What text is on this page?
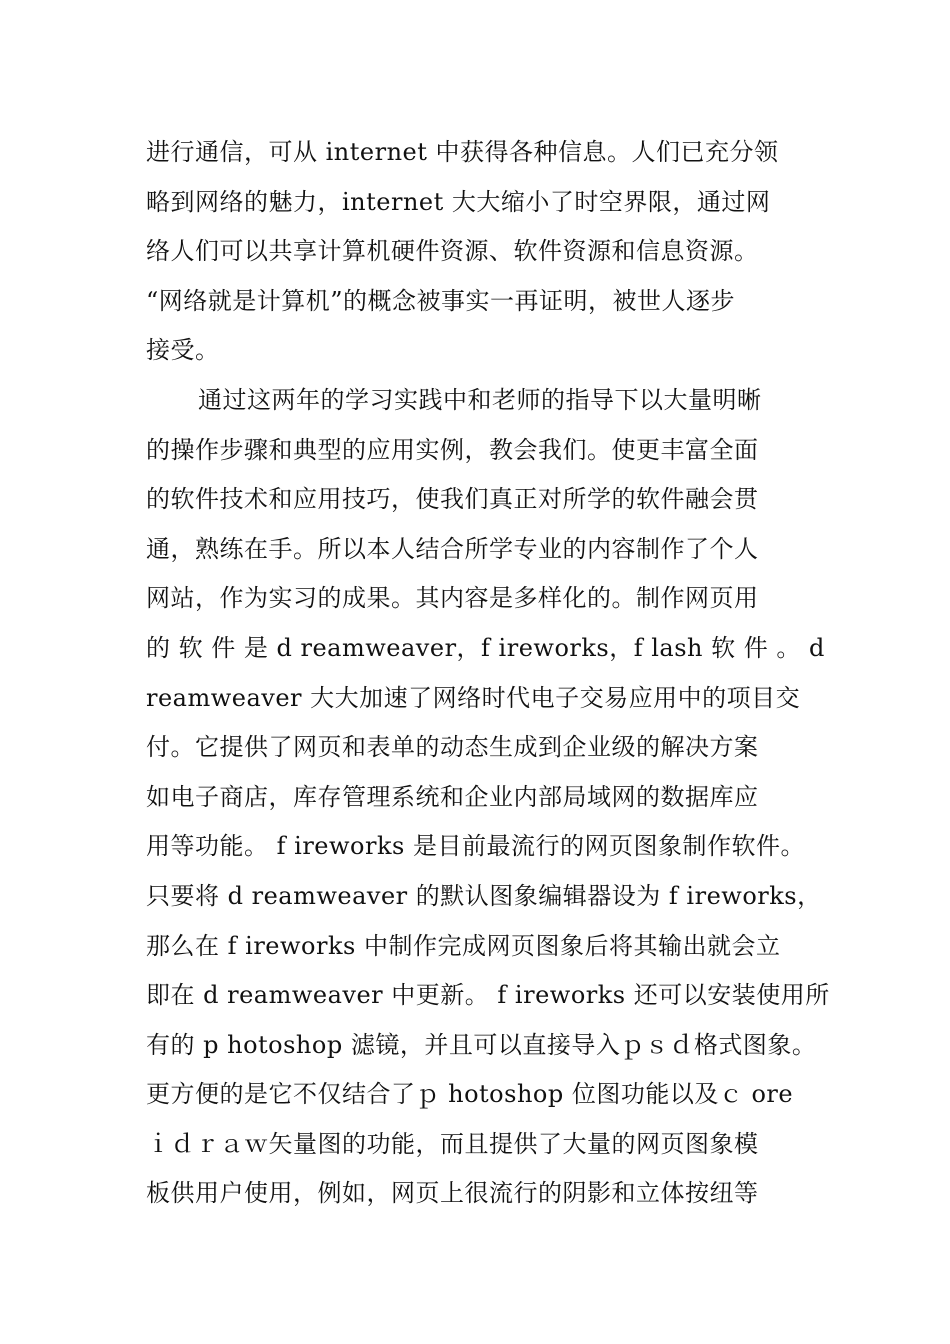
进行通信，可从 internet 中获得各种信息。人们已充分领
略到网络的魅力，internet 大大缩小了时空界限，通过网
络人们可以共享计算机硬件资源、软件资源和信息资源。
“网络就是计算机”的概念被事实一再证明，被世人逐步
接受。
通过这两年的学习实践中和老师的指导下以大量明晰
的操作步骤和典型的应用实例，教会我们。使更丰富全面
的软件技术和应用技巧，使我们真正对所学的软件融会贯
通，熟练在手。所以本人结合所学专业的内容制作了个人
网站，作为实习的成果。其内容是多样化的。制作网页用
的 软 件 是 d reamweaver，f ireworks，f lash 软 件 。 d
reamweaver 大大加速了网络时代电子交易应用中的项目交
付。它提供了网页和表单的动态生成到企业级的解决方案
如电子商店，库存管理系统和企业内部局域网的数据库应
用等功能。 f ireworks 是目前最流行的网页图象制作软件。
只要将 d reamweaver 的默认图象编辑器设为 f ireworks，
那么在 f ireworks 中制作完成网页图象后将其输出就会立
即在 d reamweaver 中更新。 f ireworks 还可以安装使用所
有的 p hotoshop 滤镜，并且可以直接导入ｐｓｄ格式图象。
更方便的是它不仅结合了ｐ hotoshop 位图功能以及ｃ ore
ｉｄｒａｗ矢量图的功能，而且提供了大量的网页图象模
板供用户使用，例如，网页上很流行的阴影和立体按纽等
